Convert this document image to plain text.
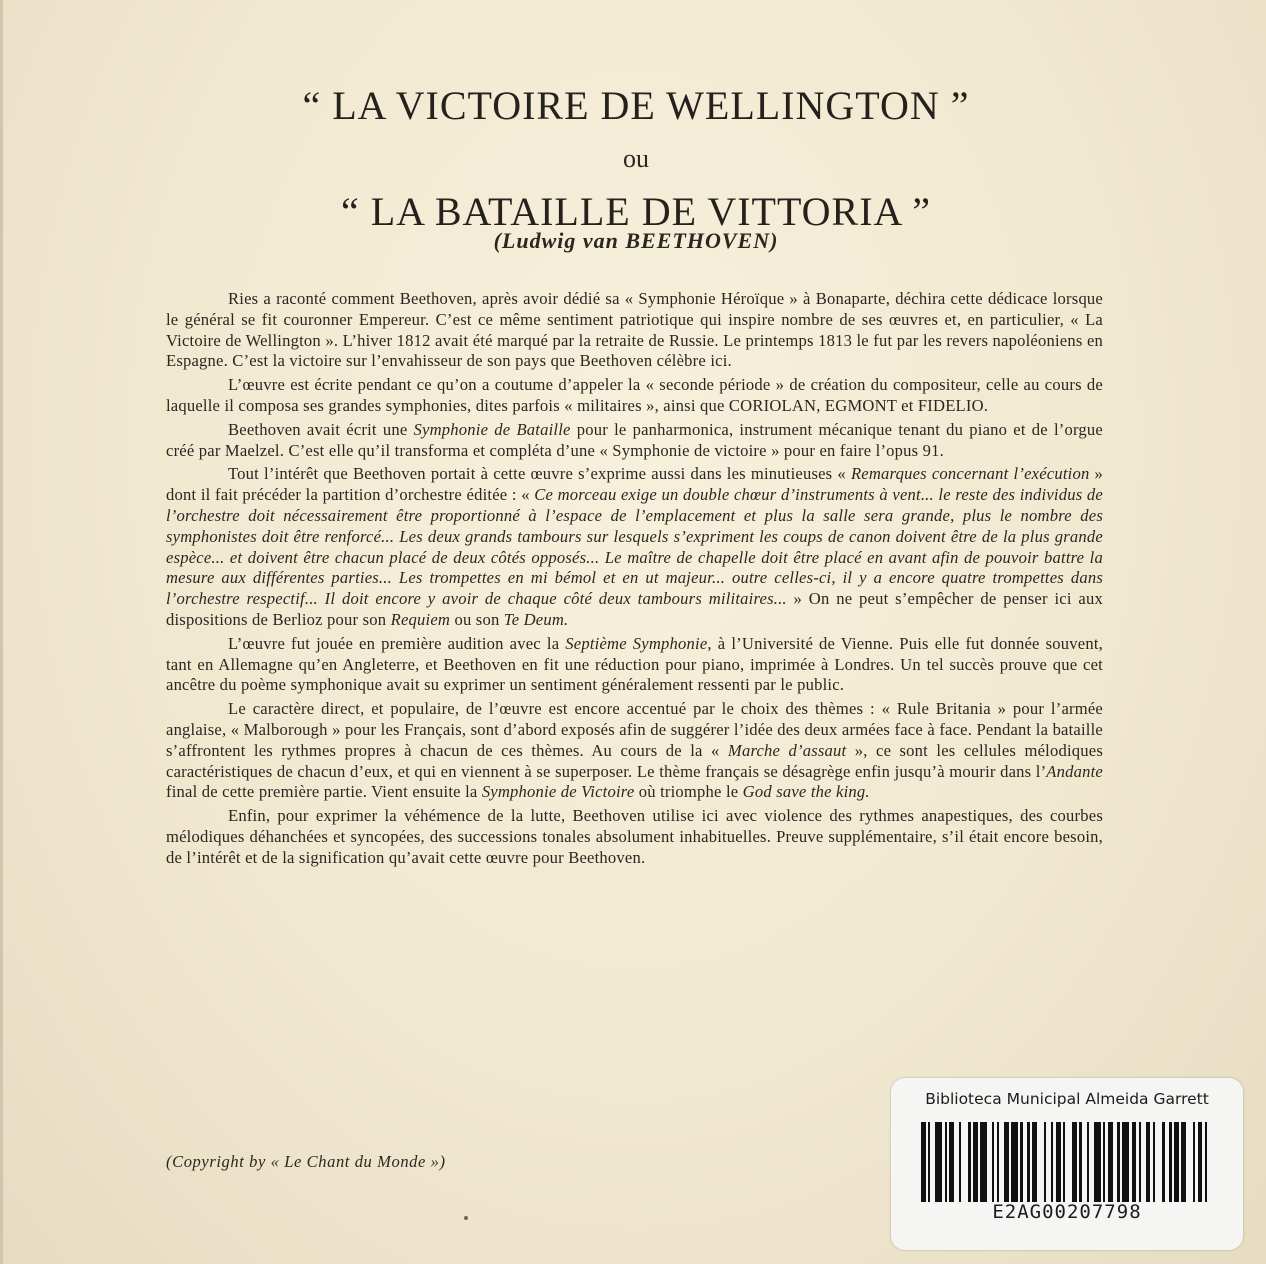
“ LA VICTOIRE DE WELLINGTON ”
ou
“ LA BATAILLE DE VITTORIA ”
(Ludwig van BEETHOVEN)

Ries a raconté comment Beethoven, après avoir dédié sa « Symphonie Héroïque » à Bonaparte, déchira cette dédicace lorsque le général se fit couronner Empereur. C’est ce même sentiment patriotique qui inspire nombre de ses œuvres et, en particulier, « La Victoire de Wellington ». L’hiver 1812 avait été marqué par la retraite de Russie. Le printemps 1813 le fut par les revers napoléoniens en Espagne. C’est la victoire sur l’envahisseur de son pays que Beethoven célèbre ici.

L’œuvre est écrite pendant ce qu’on a coutume d’appeler la « seconde période » de création du compositeur, celle au cours de laquelle il composa ses grandes symphonies, dites parfois « militaires », ainsi que CORIOLAN, EGMONT et FIDELIO.

Beethoven avait écrit une Symphonie de Bataille pour le panharmonica, instrument mécanique tenant du piano et de l’orgue créé par Maelzel. C’est elle qu’il transforma et compléta d’une « Symphonie de victoire » pour en faire l’opus 91.

Tout l’intérêt que Beethoven portait à cette œuvre s’exprime aussi dans les minutieuses « Remarques concernant l’exécution » dont il fait précéder la partition d’orchestre éditée : « Ce morceau exige un double chœur d’instruments à vent... le reste des individus de l’orchestre doit nécessairement être proportionné à l’espace de l’emplacement et plus la salle sera grande, plus le nombre des symphonistes doit être renforcé... Les deux grands tambours sur lesquels s’expriment les coups de canon doivent être de la plus grande espèce... et doivent être chacun placé de deux côtés opposés... Le maître de chapelle doit être placé en avant afin de pouvoir battre la mesure aux différentes parties... Les trompettes en mi bémol et en ut majeur... outre celles-ci, il y a encore quatre trompettes dans l’orchestre respectif... Il doit encore y avoir de chaque côté deux tambours militaires... » On ne peut s’empêcher de penser ici aux dispositions de Berlioz pour son Requiem ou son Te Deum.

L’œuvre fut jouée en première audition avec la Septième Symphonie, à l’Université de Vienne. Puis elle fut donnée souvent, tant en Allemagne qu’en Angleterre, et Beethoven en fit une réduction pour piano, imprimée à Londres. Un tel succès prouve que cet ancêtre du poème symphonique avait su exprimer un sentiment généralement ressenti par le public.

Le caractère direct, et populaire, de l’œuvre est encore accentué par le choix des thèmes : « Rule Britania » pour l’armée anglaise, « Malborough » pour les Français, sont d’abord exposés afin de suggérer l’idée des deux armées face à face. Pendant la bataille s’affrontent les rythmes propres à chacun de ces thèmes. Au cours de la « Marche d’assaut », ce sont les cellules mélodiques caractéristiques de chacun d’eux, et qui en viennent à se superposer. Le thème français se désagrège enfin jusqu’à mourir dans l’Andante final de cette première partie. Vient ensuite la Symphonie de Victoire où triomphe le God save the king.

Enfin, pour exprimer la véhémence de la lutte, Beethoven utilise ici avec violence des rythmes anapestiques, des courbes mélodiques déhanchées et syncopées, des successions tonales absolument inhabituelles. Preuve supplémentaire, s’il était encore besoin, de l’intérêt et de la signification qu’avait cette œuvre pour Beethoven.

(Copyright by « Le Chant du Monde »)
Biblioteca Municipal Almeida Garrett
E2AG00207798
